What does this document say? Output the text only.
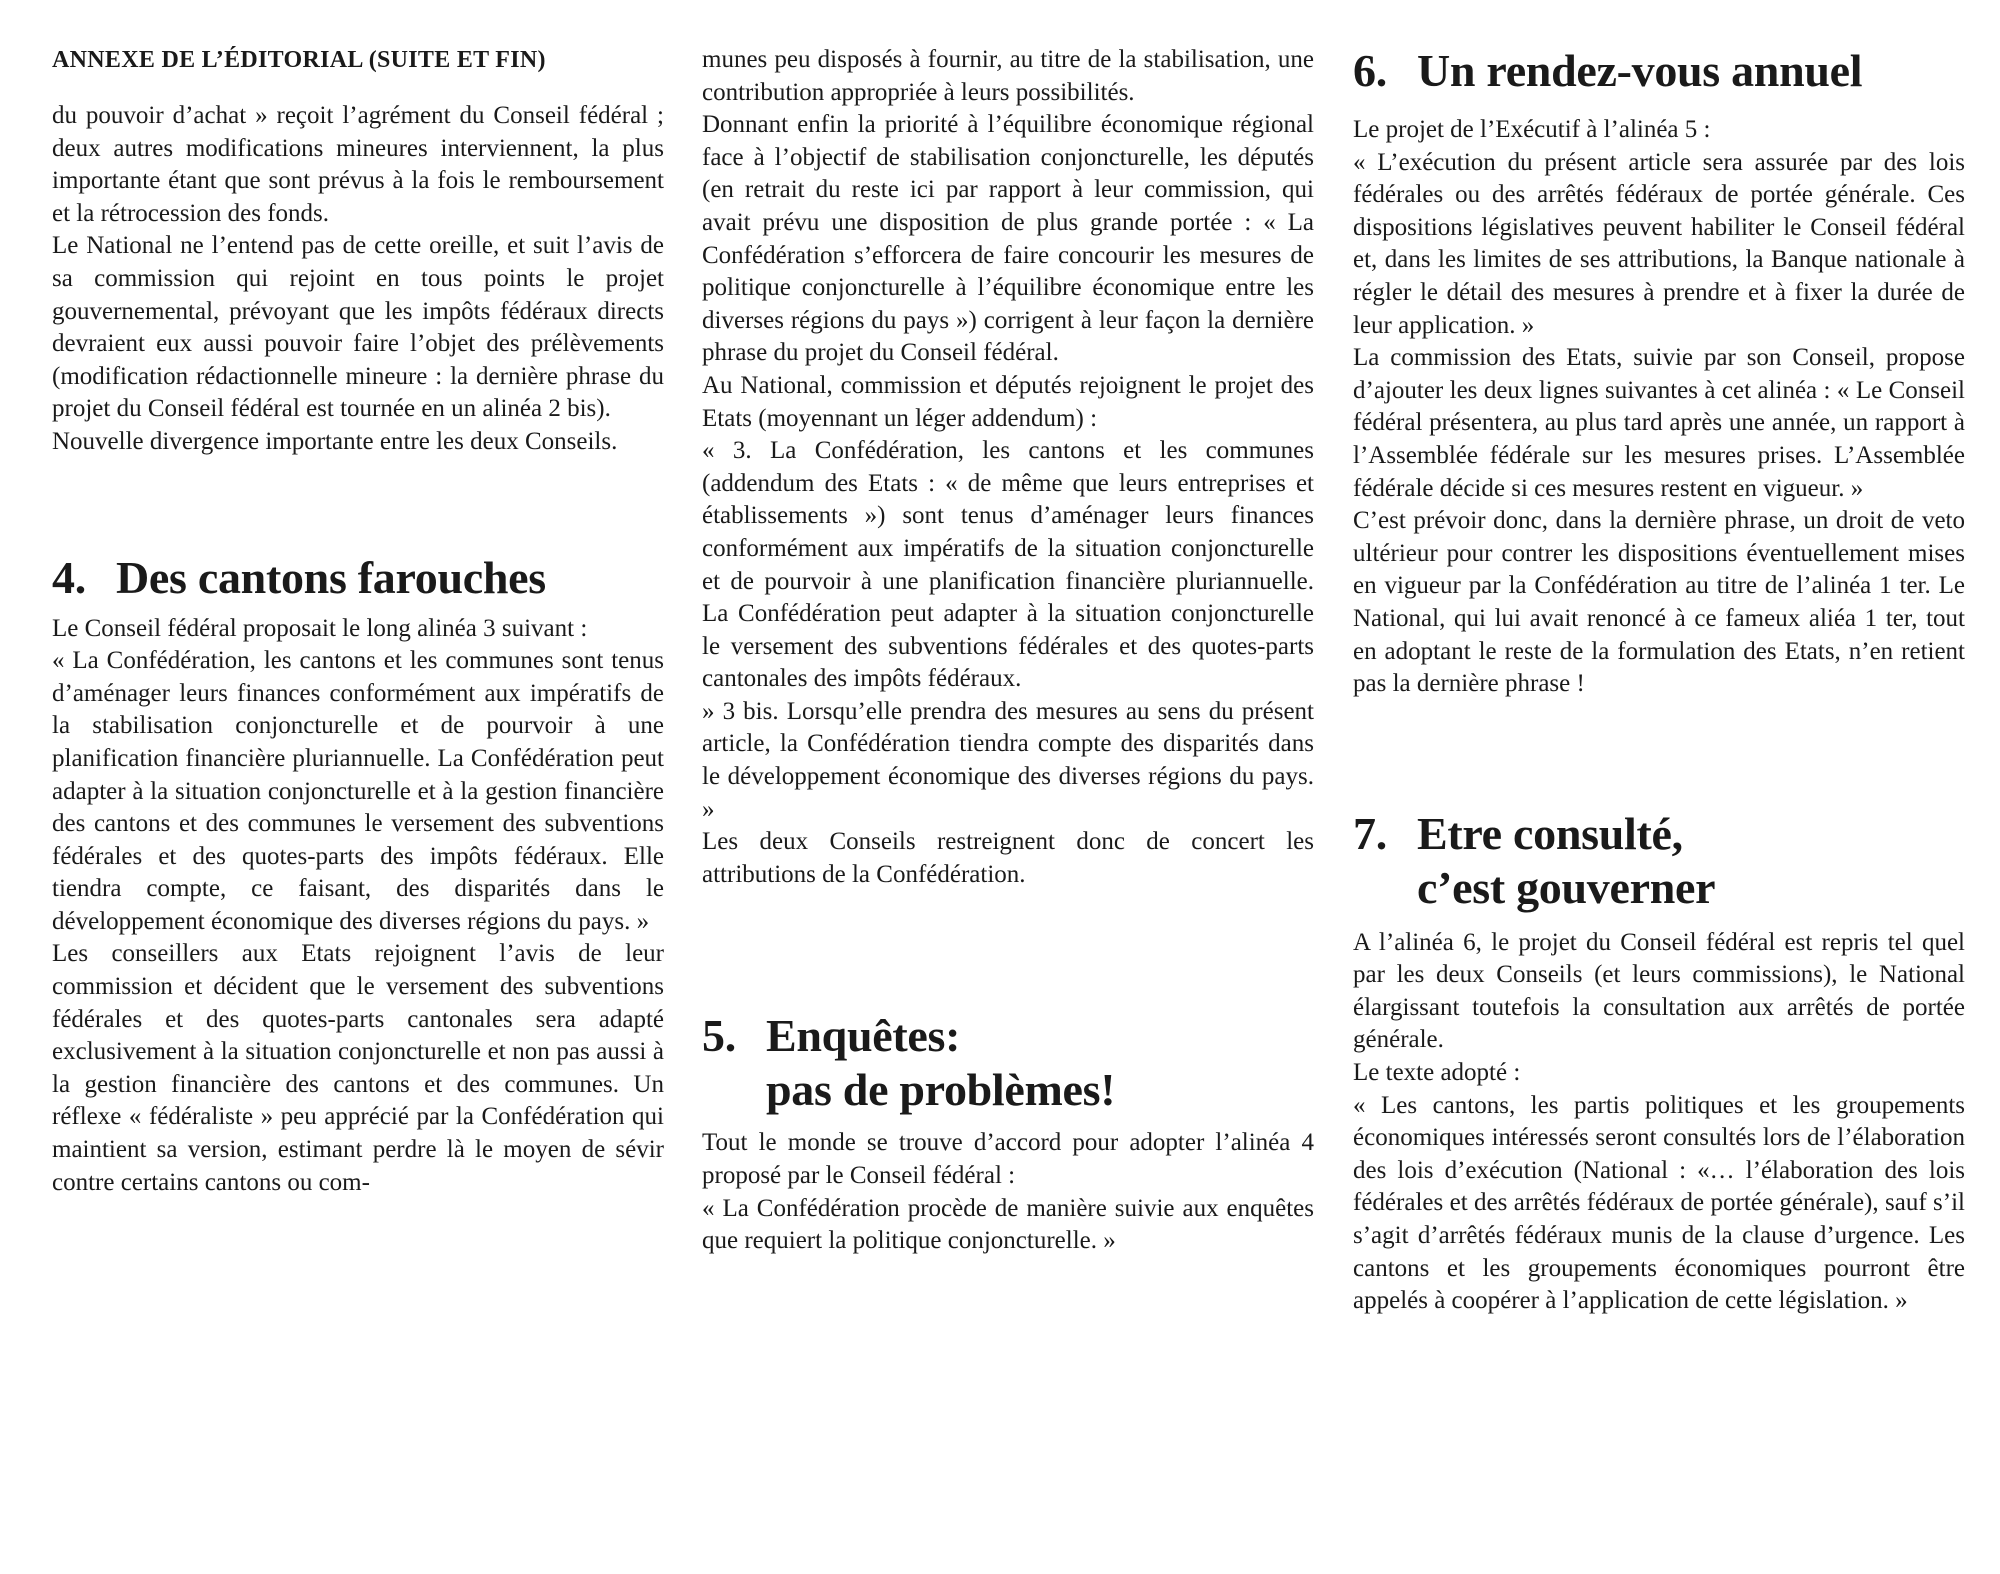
ANNEXE DE L’ÉDITORIAL (SUITE ET FIN)

du pouvoir d’achat » reçoit l’agrément du Conseil fédéral ; deux autres modifications mineures interviennent, la plus importante étant que sont prévus à la fois le remboursement et la rétrocession des fonds.

Le National ne l’entend pas de cette oreille, et suit l’avis de sa commission qui rejoint en tous points le projet gouvernemental, prévoyant que les impôts fédéraux directs devraient eux aussi pouvoir faire l’objet des prélèvements (modification rédactionnelle mineure : la dernière phrase du projet du Conseil fédéral est tournée en un alinéa 2 bis).

Nouvelle divergence importante entre les deux Conseils.

4. Des cantons farouches

Le Conseil fédéral proposait le long alinéa 3 suivant :

« La Confédération, les cantons et les communes sont tenus d’aménager leurs finances conformément aux impératifs de la stabilisation conjoncturelle et de pourvoir à une planification financière pluriannuelle. La Confédération peut adapter à la situation conjoncturelle et à la gestion financière des cantons et des communes le versement des subventions fédérales et des quotes-parts des impôts fédéraux. Elle tiendra compte, ce faisant, des disparités dans le développement économique des diverses régions du pays. »

Les conseillers aux Etats rejoignent l’avis de leur commission et décident que le versement des subventions fédérales et des quotes-parts cantonales sera adapté exclusivement à la situation conjoncturelle et non pas aussi à la gestion financière des cantons et des communes. Un réflexe « fédéraliste » peu apprécié par la Confédération qui maintient sa version, estimant perdre là le moyen de sévir contre certains cantons ou com-

munes peu disposés à fournir, au titre de la stabilisation, une contribution appropriée à leurs possibilités.

Donnant enfin la priorité à l’équilibre économique régional face à l’objectif de stabilisation conjoncturelle, les députés (en retrait du reste ici par rapport à leur commission, qui avait prévu une disposition de plus grande portée : « La Confédération s’efforcera de faire concourir les mesures de politique conjoncturelle à l’équilibre économique entre les diverses régions du pays ») corrigent à leur façon la dernière phrase du projet du Conseil fédéral.

Au National, commission et députés rejoignent le projet des Etats (moyennant un léger addendum) :

« 3. La Confédération, les cantons et les communes (addendum des Etats : « de même que leurs entreprises et établissements ») sont tenus d’aménager leurs finances conformément aux impératifs de la situation conjoncturelle et de pourvoir à une planification financière pluriannuelle. La Confédération peut adapter à la situation conjoncturelle le versement des subventions fédérales et des quotes-parts cantonales des impôts fédéraux.

» 3 bis. Lorsqu’elle prendra des mesures au sens du présent article, la Confédération tiendra compte des disparités dans le développement économique des diverses régions du pays. »

Les deux Conseils restreignent donc de concert les attributions de la Confédération.

5. Enquêtes:
pas de problèmes!

Tout le monde se trouve d’accord pour adopter l’alinéa 4 proposé par le Conseil fédéral :

« La Confédération procède de manière suivie aux enquêtes que requiert la politique conjoncturelle. »

6. Un rendez-vous annuel

Le projet de l’Exécutif à l’alinéa 5 :

« L’exécution du présent article sera assurée par des lois fédérales ou des arrêtés fédéraux de portée générale. Ces dispositions législatives peuvent habiliter le Conseil fédéral et, dans les limites de ses attributions, la Banque nationale à régler le détail des mesures à prendre et à fixer la durée de leur application. »

La commission des Etats, suivie par son Conseil, propose d’ajouter les deux lignes suivantes à cet alinéa : « Le Conseil fédéral présentera, au plus tard après une année, un rapport à l’Assemblée fédérale sur les mesures prises. L’Assemblée fédérale décide si ces mesures restent en vigueur. »

C’est prévoir donc, dans la dernière phrase, un droit de veto ultérieur pour contrer les dispositions éventuellement mises en vigueur par la Confédération au titre de l’alinéa 1 ter. Le National, qui lui avait renoncé à ce fameux aliéa 1 ter, tout en adoptant le reste de la formulation des Etats, n’en retient pas la dernière phrase !

7. Etre consulté,
c’est gouverner

A l’alinéa 6, le projet du Conseil fédéral est repris tel quel par les deux Conseils (et leurs commissions), le National élargissant toutefois la consultation aux arrêtés de portée générale.

Le texte adopté :

« Les cantons, les partis politiques et les groupements économiques intéressés seront consultés lors de l’élaboration des lois d’exécution (National : «… l’élaboration des lois fédérales et des arrêtés fédéraux de portée générale), sauf s’il s’agit d’arrêtés fédéraux munis de la clause d’urgence. Les cantons et les groupements économiques pourront être appelés à coopérer à l’application de cette législation. »
